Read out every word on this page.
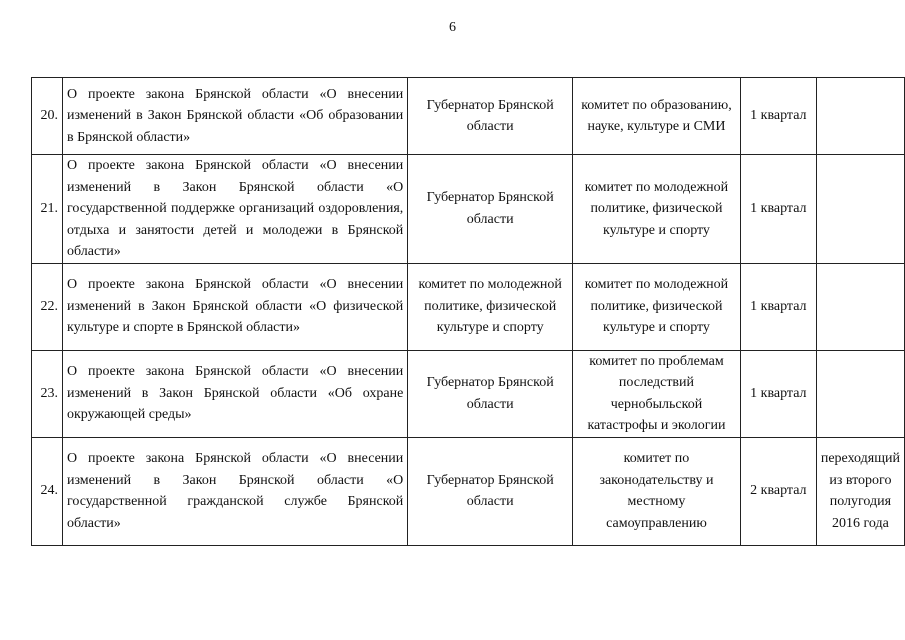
6
20.	О проекте закона Брянской области «О внесении изменений в Закон Брянской области «Об образовании в Брянской области»	Губернатор Брянской области	комитет по образованию, науке, культуре и СМИ	1 квартал	
21.	О проекте закона Брянской области «О внесении изменений в Закон Брянской области «О государственной поддержке организаций оздоровления, отдыха и занятости детей и молодежи в Брянской области»	Губернатор Брянской области	комитет по молодежной политике, физической культуре и спорту	1 квартал	
22.	О проекте закона Брянской области «О внесении изменений в Закон Брянской области «О физической культуре и спорте в Брянской области»	комитет по молодежной политике, физической культуре и спорту	комитет по молодежной политике, физической культуре и спорту	1 квартал	
23.	О проекте закона Брянской области «О внесении изменений в Закон Брянской области «Об охране окружающей среды»	Губернатор Брянской области	комитет по проблемам последствий чернобыльской катастрофы и экологии	1 квартал	
24.	О проекте закона Брянской области «О внесении изменений в Закон Брянской области «О государственной гражданской службе Брянской области»	Губернатор Брянской области	комитет по законодательству и местному самоуправлению	2 квартал	переходящий из второго полугодия 2016 года
